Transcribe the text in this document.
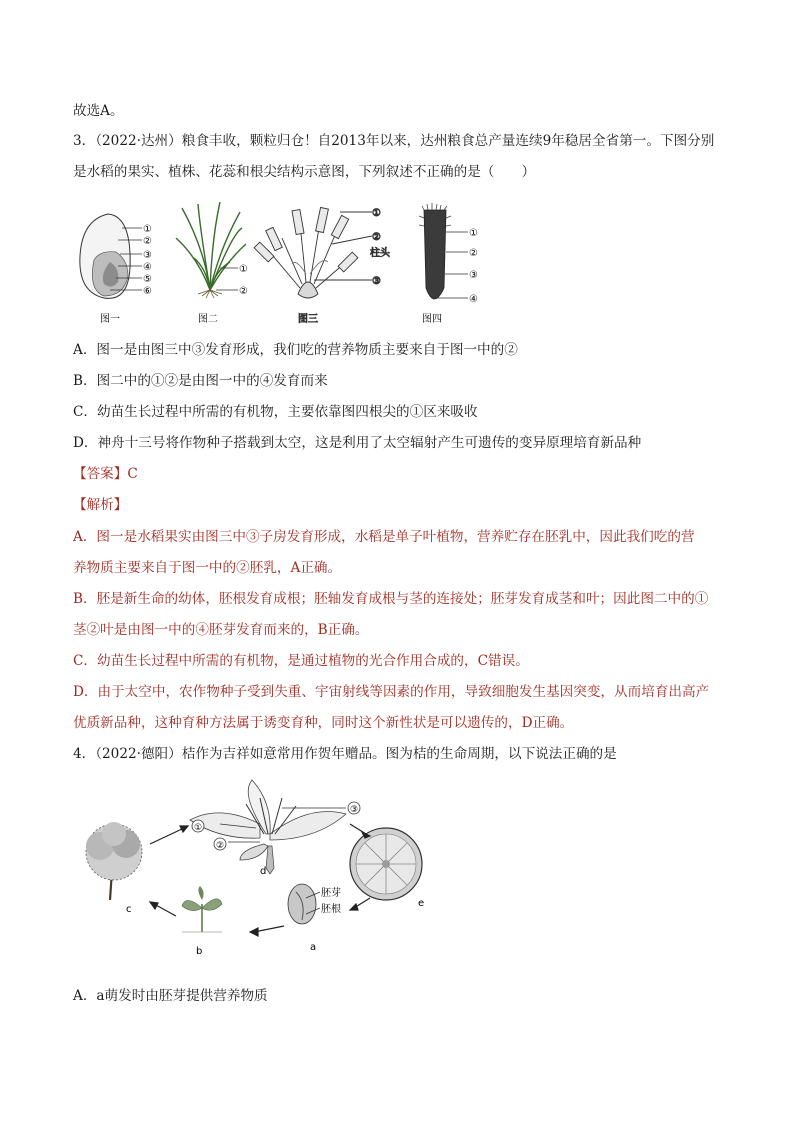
故选A。
3．（2022·达州）粮食丰收，颗粒归仓！自2013年以来，达州粮食总产量连续9年稳居全省第一。下图分别
是水稻的果实、植株、花蕊和根尖结构示意图，下列叙述不正确的是（　　）
①
②
③
④
⑤
⑥
图一
①
②
图二
①
②
柱头
③
图三
①
②
③
④
图四
A．图一是由图三中③发育形成，我们吃的营养物质主要来自于图一中的②
B．图二中的①②是由图一中的④发育而来
C．幼苗生长过程中所需的有机物，主要依靠图四根尖的①区来吸收
D．神舟十三号将作物种子搭载到太空，这是利用了太空辐射产生可遗传的变异原理培育新品种
【答案】C
【解析】
A．图一是水稻果实由图三中③子房发育形成，水稻是单子叶植物，营养贮存在胚乳中，因此我们吃的营
养物质主要来自于图一中的②胚乳，A正确。
B．胚是新生命的幼体，胚根发育成根；胚轴发育成根与茎的连接处；胚芽发育成茎和叶；因此图二中的①
茎②叶是由图一中的④胚芽发育而来的，B正确。
C．幼苗生长过程中所需的有机物，是通过植物的光合作用合成的，C错误。
D．由于太空中，农作物种子受到失重、宇宙射线等因素的作用，导致细胞发生基因突变，从而培育出高产
优质新品种，这种育种方法属于诱变育种，同时这个新性状是可以遗传的，D正确。
4．（2022·德阳）桔作为吉祥如意常用作贺年赠品。图为桔的生命周期，以下说法正确的是
c
b
①
②
③
d
e
胚芽
胚根
a
A．a萌发时由胚芽提供营养物质
